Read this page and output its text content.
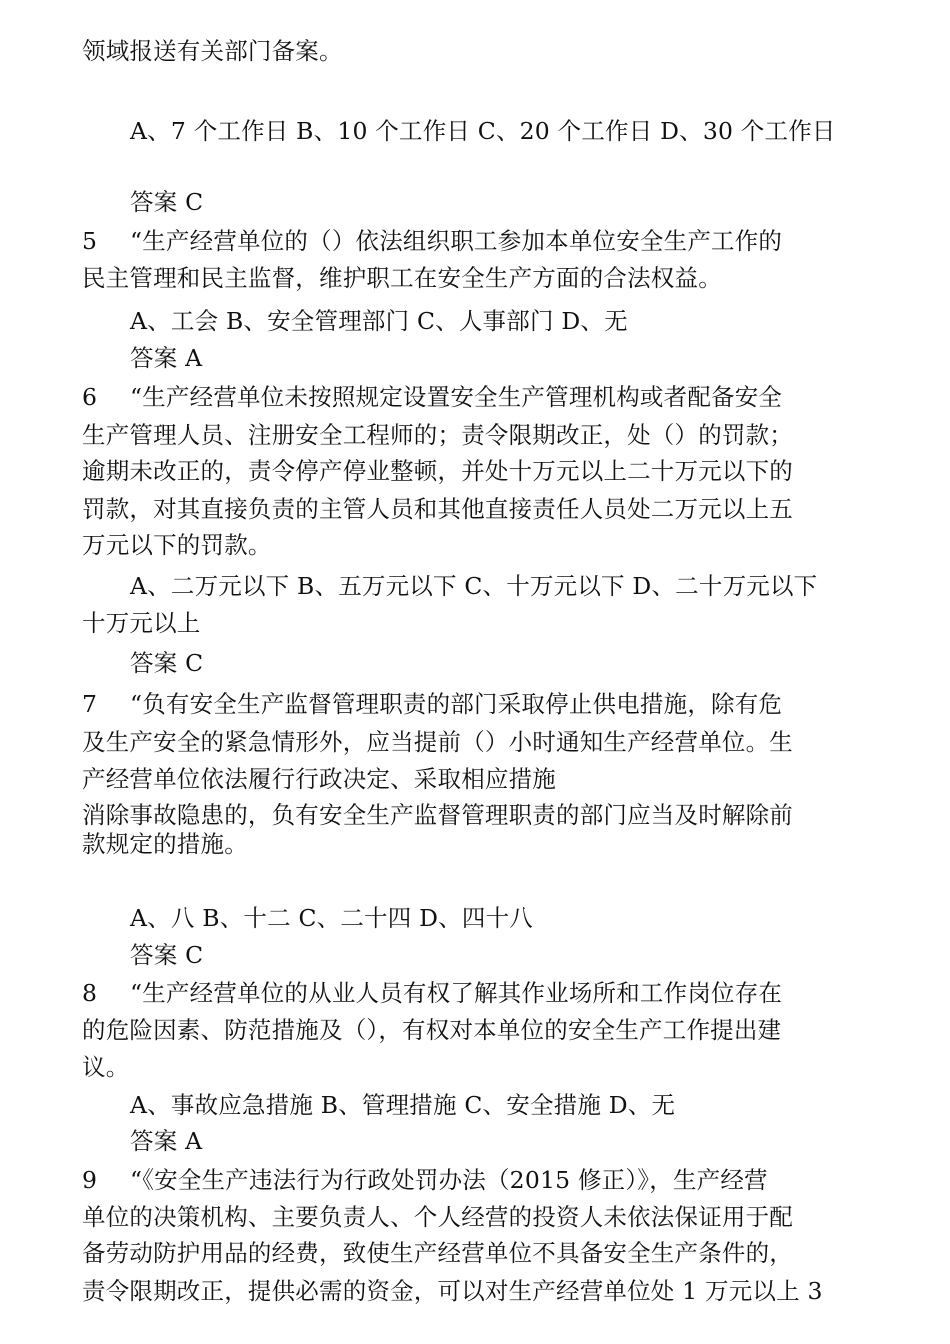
领域报送有关部门备案。
A、7 个工作日 B、10 个工作日 C、20 个工作日 D、30 个工作日
答案 C
5 “生产经营单位的（）依法组织职工参加本单位安全生产工作的
民主管理和民主监督，维护职工在安全生产方面的合法权益。
A、工会 B、安全管理部门 C、人事部门 D、无
答案 A
6 “生产经营单位未按照规定设置安全生产管理机构或者配备安全
生产管理人员、注册安全工程师的；责令限期改正，处（）的罚款；
逾期未改正的，责令停产停业整顿，并处十万元以上二十万元以下的
罚款，对其直接负责的主管人员和其他直接责任人员处二万元以上五
万元以下的罚款。
A、二万元以下 B、五万元以下 C、十万元以下 D、二十万元以下
十万元以上
答案 C
7 “负有安全生产监督管理职责的部门采取停止供电措施，除有危
及生产安全的紧急情形外，应当提前（）小时通知生产经营单位。生
产经营单位依法履行行政决定、采取相应措施
消除事故隐患的，负有安全生产监督管理职责的部门应当及时解除前
款规定的措施。
A、八 B、十二 C、二十四 D、四十八
答案 C
8 “生产经营单位的从业人员有权了解其作业场所和工作岗位存在
的危险因素、防范措施及（），有权对本单位的安全生产工作提出建
议。
A、事故应急措施 B、管理措施 C、安全措施 D、无
答案 A
9 “《安全生产违法行为行政处罚办法（2015 修正）》，生产经营
单位的决策机构、主要负责人、个人经营的投资人未依法保证用于配
备劳动防护用品的经费，致使生产经营单位不具备安全生产条件的，
责令限期改正，提供必需的资金，可以对生产经营单位处 1 万元以上 3
